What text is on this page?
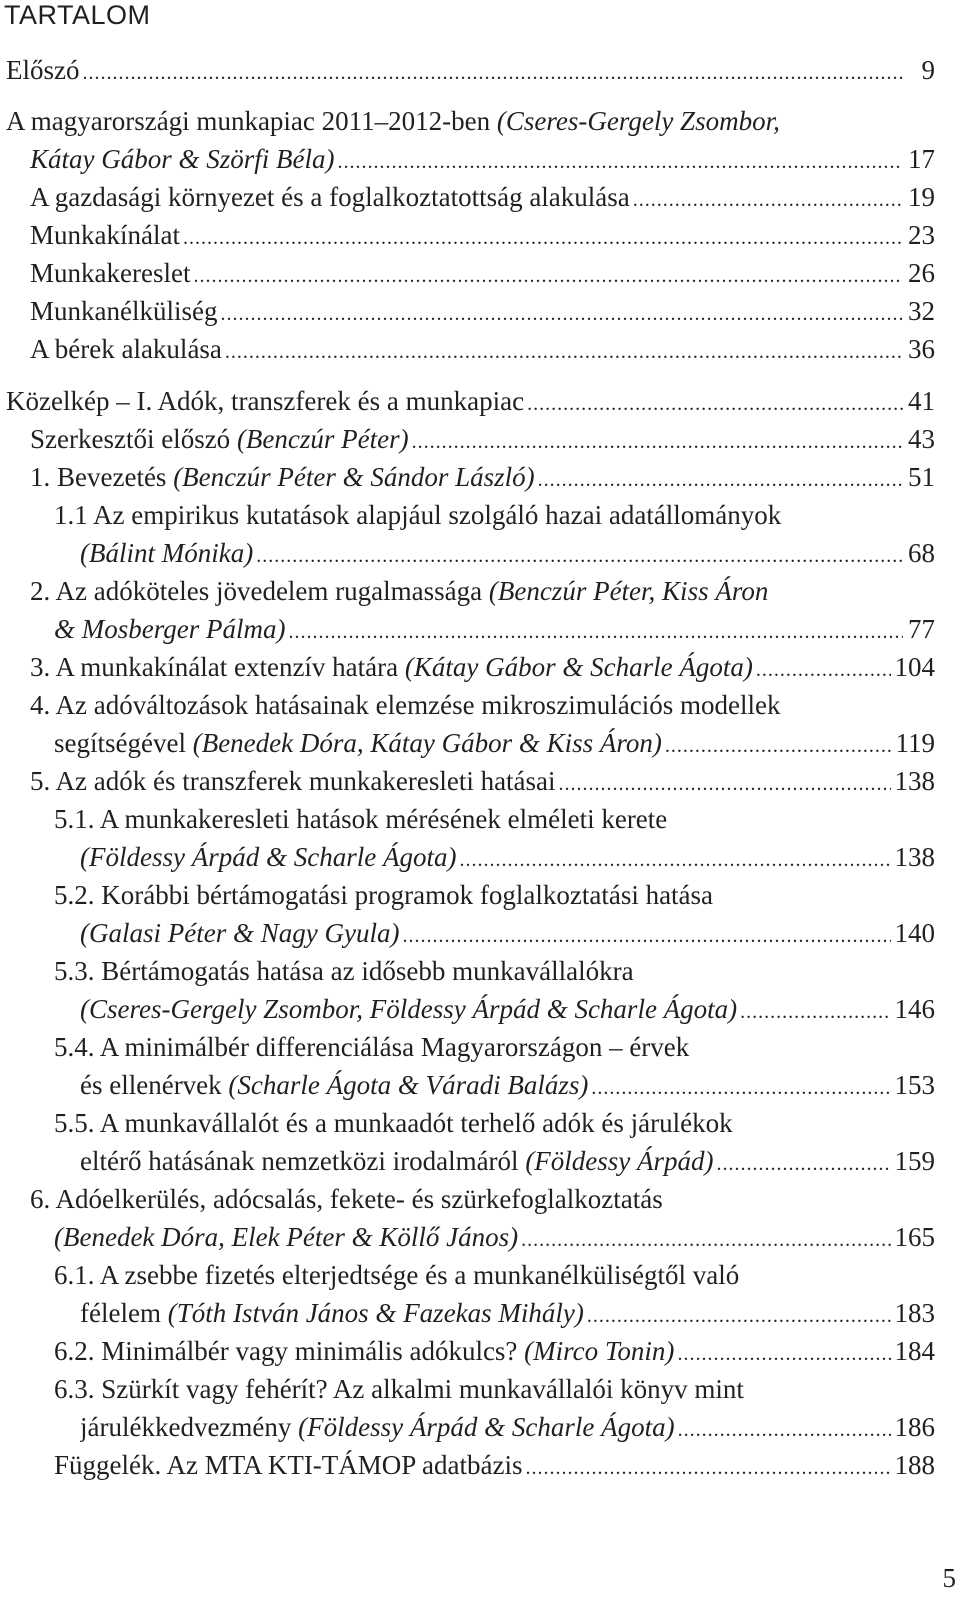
TARTALOM
Előszó .....	9
A magyarországi munkapiac 2011–2012-ben (Cseres-Gergely Zsombor,
Kátay Gábor & Szörfi Béla) .....	17
A gazdasági környezet és a foglalkoztatottság alakulása .....	19
Munkakínálat .....	23
Munkakereslet .....	26
Munkanélküliség .....	32
A bérek alakulása .....	36
Közelkép – I. Adók, transzferek és a munkapiac .....	41
Szerkesztői előszó (Benczúr Péter) .....	43
1. Bevezetés (Benczúr Péter & Sándor László) .....	51
1.1 Az empirikus kutatások alapjául szolgáló hazai adatállományok
(Bálint Mónika) .....	68
2. Az adóköteles jövedelem rugalmassága (Benczúr Péter, Kiss Áron
& Mosberger Pálma) .....	77
3. A munkakínálat extenzív határa (Kátay Gábor & Scharle Ágota) .....	104
4. Az adóváltozások hatásainak elemzése mikroszimulációs modellek
segítségével (Benedek Dóra, Kátay Gábor & Kiss Áron) .....	119
5. Az adók és transzferek munkakeresleti hatásai .....	138
5.1. A munkakeresleti hatások mérésének elméleti kerete
(Földessy Árpád & Scharle Ágota) .....	138
5.2. Korábbi bértámogatási programok foglalkoztatási hatása
(Galasi Péter & Nagy Gyula) .....	140
5.3. Bértámogatás hatása az idősebb munkavállalókra
(Cseres-Gergely Zsombor, Földessy Árpád & Scharle Ágota) .....	146
5.4. A minimálbér differenciálása Magyarországon – érvek
és ellenérvek (Scharle Ágota & Váradi Balázs) .....	153
5.5. A munkavállalót és a munkaadót terhelő adók és járulékok
eltérő hatásának nemzetközi irodalmáról (Földessy Árpád) .....	159
6. Adóelkerülés, adócsalás, fekete- és szürkefoglalkoztatás
(Benedek Dóra, Elek Péter & Köllő János) .....	165
6.1. A zsebbe fizetés elterjedtsége és a munkanélküliségtől való
félelem (Tóth István János & Fazekas Mihály) .....	183
6.2. Minimálbér vagy minimális adókulcs? (Mirco Tonin) .....	184
6.3. Szürkít vagy fehérít? Az alkalmi munkavállalói könyv mint
járulékkedvezmény (Földessy Árpád & Scharle Ágota) .....	186
Függelék. Az MTA KTI-TÁMOP adatbázis .....	188
5
